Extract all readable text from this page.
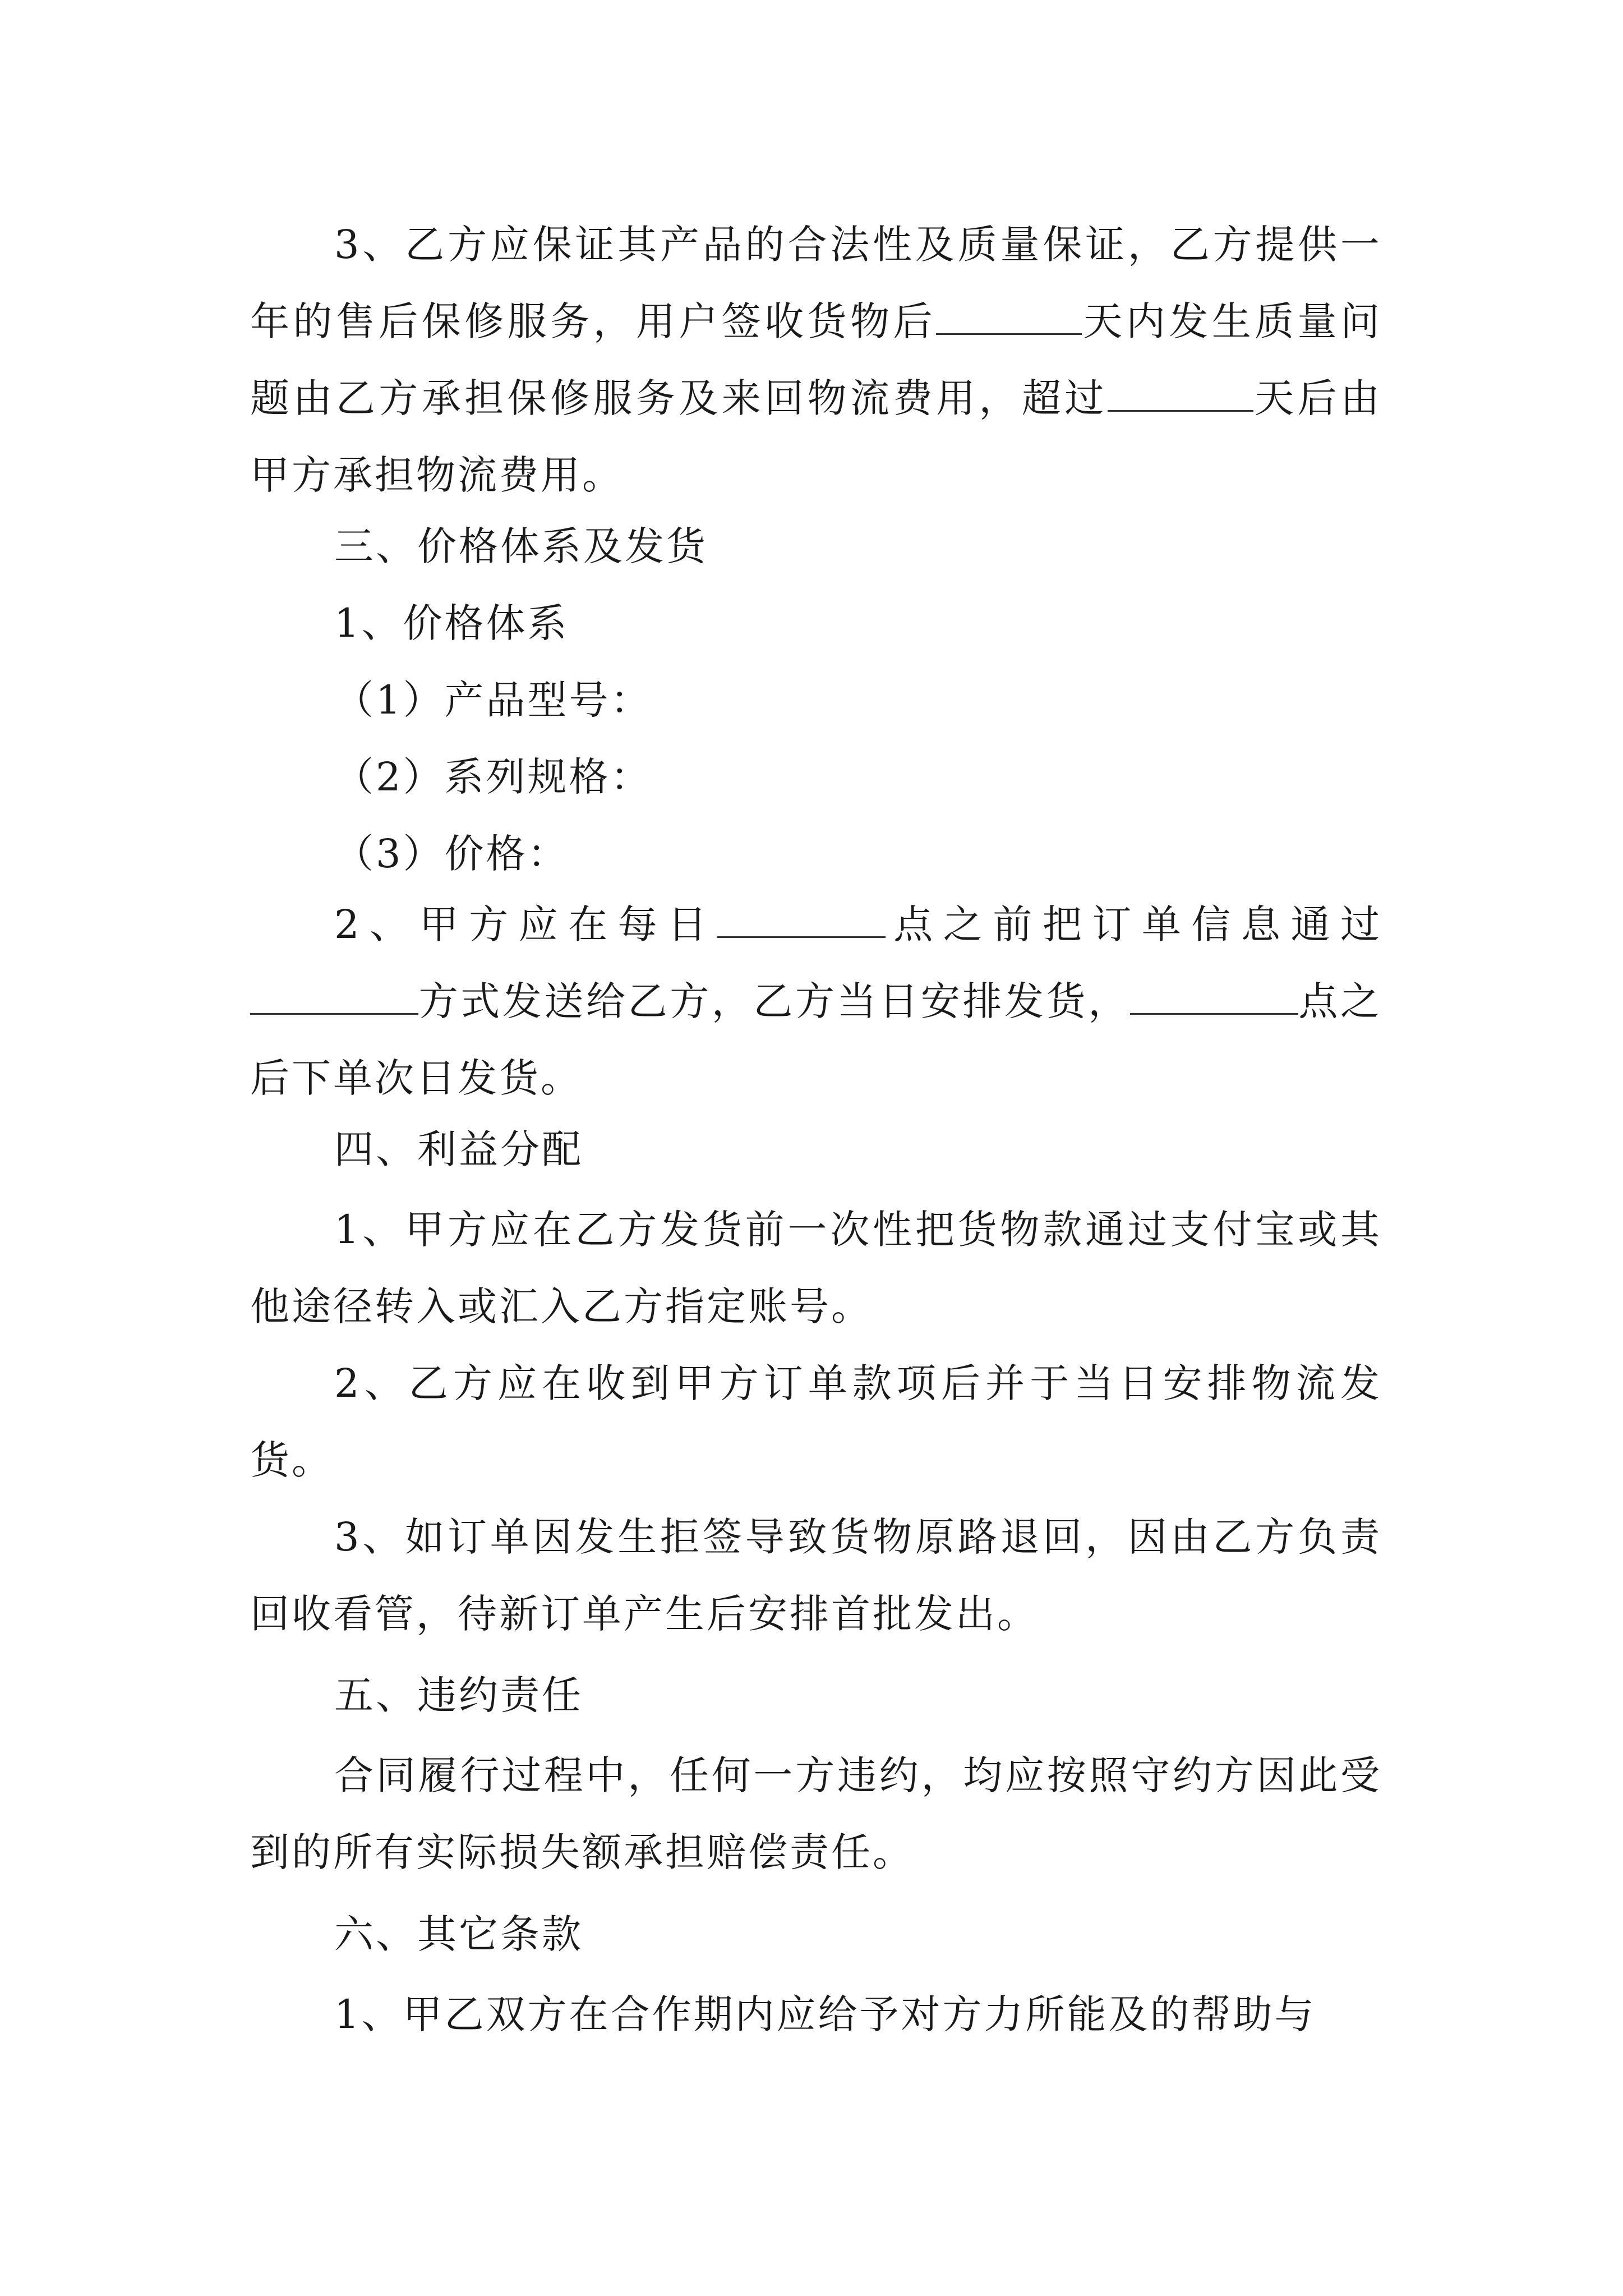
3、乙方应保证其产品的合法性及质量保证，乙方提供一年的售后保修服务，用户签收货物后	天内发生质量问题由乙方承担保修服务及来回物流费用，超过	天后由甲方承担物流费用。

三、价格体系及发货

1、价格体系

（1）产品型号：

（2）系列规格：

（3）价格：

2、甲方应在每日	点之前把订单信息通过方式发送给乙方，乙方当日安排发货，	点之后下单次日发货。

四、利益分配

1、甲方应在乙方发货前一次性把货物款通过支付宝或其他途径转入或汇入乙方指定账号。

2、乙方应在收到甲方订单款项后并于当日安排物流发货。

3、如订单因发生拒签导致货物原路退回，因由乙方负责回收看管，待新订单产生后安排首批发出。

五、违约责任

合同履行过程中，任何一方违约，均应按照守约方因此受到的所有实际损失额承担赔偿责任。

六、其它条款

1、甲乙双方在合作期内应给予对方力所能及的帮助与
